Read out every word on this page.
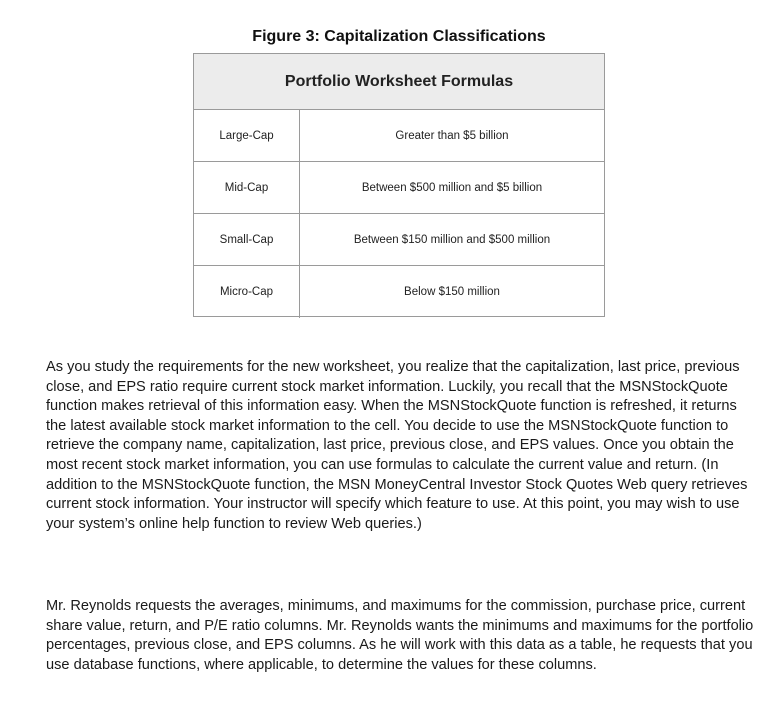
Figure 3: Capitalization Classifications
Portfolio Worksheet Formulas
Large-Cap	Greater than $5 billion
Mid-Cap	Between $500 million and $5 billion
Small-Cap	Between $150 million and $500 million
Micro-Cap	Below $150 million

As you study the requirements for the new worksheet, you realize that the capitalization, last price, previous close, and EPS ratio require current stock market information. Luckily, you recall that the MSNStockQuote function makes retrieval of this information easy. When the MSNStockQuote function is refreshed, it returns the latest available stock market information to the cell. You decide to use the MSNStockQuote function to retrieve the company name, capitalization, last price, previous close, and EPS values. Once you obtain the most recent stock market information, you can use formulas to calculate the current value and return. (In addition to the MSNStockQuote function, the MSN MoneyCentral Investor Stock Quotes Web query retrieves current stock information. Your instructor will specify which feature to use. At this point, you may wish to use your system’s online help function to review Web queries.)

Mr. Reynolds requests the averages, minimums, and maximums for the commission, purchase price, current share value, return, and P/E ratio columns. Mr. Reynolds wants the minimums and maximums for the portfolio percentages, previous close, and EPS columns. As he will work with this data as a table, he requests that you use database functions, where applicable, to determine the values for these columns.
